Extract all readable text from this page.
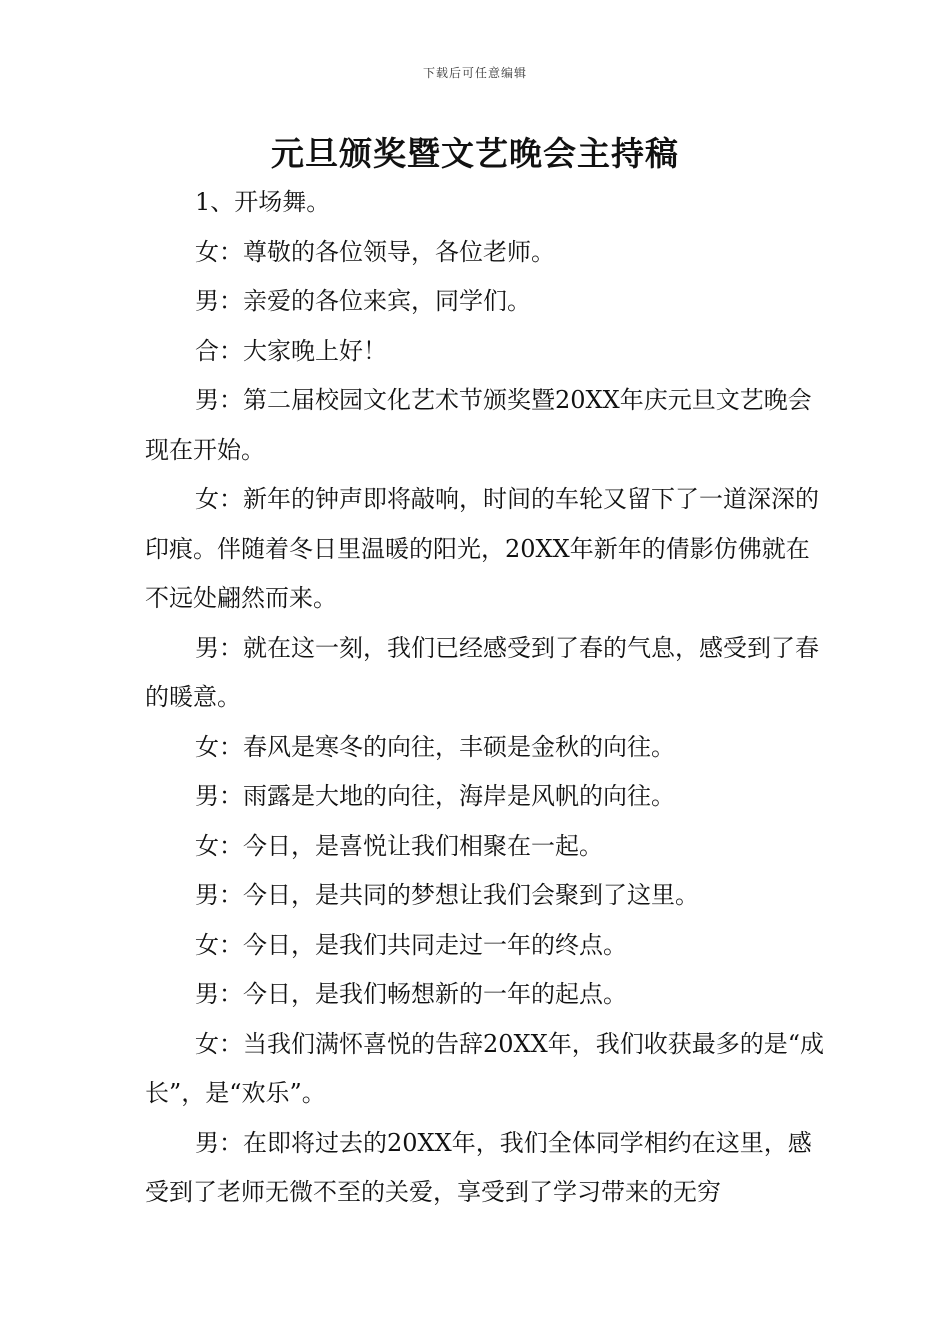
下载后可任意编辑
元旦颁奖暨文艺晚会主持稿

1、开场舞。

女：尊敬的各位领导，各位老师。

男：亲爱的各位来宾，同学们。

合：大家晚上好！

男：第二届校园文化艺术节颁奖暨20XX年庆元旦文艺晚会现在开始。

女：新年的钟声即将敲响，时间的车轮又留下了一道深深的印痕。伴随着冬日里温暖的阳光，20XX年新年的倩影仿佛就在不远处翩然而来。

男：就在这一刻，我们已经感受到了春的气息，感受到了春的暖意。

女：春风是寒冬的向往，丰硕是金秋的向往。

男：雨露是大地的向往，海岸是风帆的向往。

女：今日，是喜悦让我们相聚在一起。

男：今日，是共同的梦想让我们会聚到了这里。

女：今日，是我们共同走过一年的终点。

男：今日，是我们畅想新的一年的起点。

女：当我们满怀喜悦的告辞20XX年，我们收获最多的是“成长”，是“欢乐”。

男：在即将过去的20XX年，我们全体同学相约在这里，感受到了老师无微不至的关爱，享受到了学习带来的无穷
